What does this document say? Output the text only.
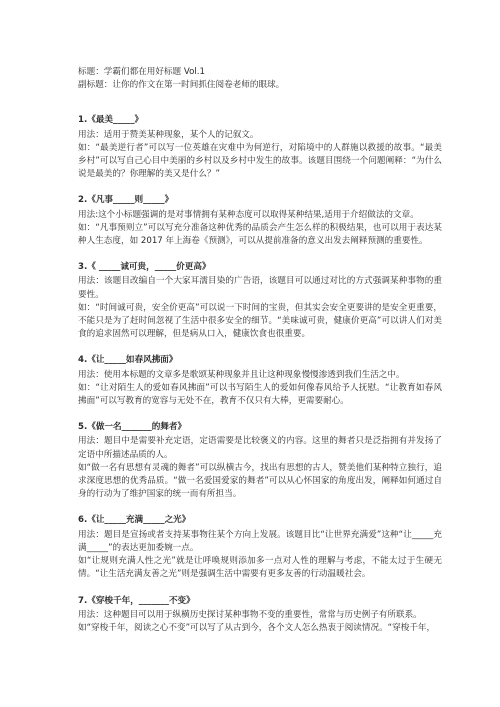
标题：学霸们都在用好标题 Vol.1

副标题：让你的作文在第一时间抓住阅卷老师的眼球。

1.《最美_____》

用法：适用于赞美某种现象，某个人的记叙文。

如：“最美逆行者”可以写一位英雄在灾难中为何逆行，对陷境中的人群施以救援的故事。“最美乡村”可以写自己心目中美丽的乡村以及乡村中发生的故事。该题目围绕一个问题阐释：“为什么说是最美的？你理解的美又是什么？”

2.《凡事_____则_____》

用法:这个小标题强调的是对事情拥有某种态度可以取得某种结果,适用于介绍做法的文章。

如：“凡事预则立”可以写充分准备这种优秀的品质会产生怎么样的积极结果，也可以用于表达某种人生态度，如 2017 年上海卷《预测》，可以从提前准备的意义出发去阐释预测的重要性。

3.《 _____诚可贵，_____价更高》

用法：该题目改编自一个大家耳濡目染的广告语，该题目可以通过对比的方式强调某种事物的重要性。

如：“时间诚可贵，安全价更高”可以说一下时间的宝贵，但其实会安全更要讲的是安全更重要，不能只是为了赶时间忽视了生活中很多安全的细节。“美味诚可贵，健康价更高”可以讲人们对美食的追求固然可以理解，但是病从口入，健康饮食也很重要。

4.《让_____如春风拂面》

用法：使用本标题的文章多是歌颂某种现象并且让这种现象慢慢渗透到我们生活之中。

如：“让对陌生人的爱如春风拂面”可以书写陌生人的爱如何像春风给予人抚慰。“让教育如春风拂面”可以写教育的宽容与无处不在，教育不仅只有大棒，更需要耐心。

5.《做一名_______的舞者》

用法：题目中是需要补充定语，定语需要是比较褒义的内容。这里的舞者只是泛指拥有并发扬了定语中所描述品质的人。

如“做一名有思想有灵魂的舞者”可以纵横古今，找出有思想的古人，赞美他们某种特立独行，追求深度思想的优秀品质。“做一名爱国爱家的舞者”可以从心怀国家的角度出发，阐释如何通过自身的行动为了维护国家的统一而有所担当。

6.《让_____充满_____之光》

用法：题目是宣扬或者支持某事物往某个方向上发展。该题目比“让世界充满爱”这种“让_____充满_____”的表达更加委婉一点。

如“让规则充满人性之光”就是让呼唤规则添加多一点对人性的理解与考虑，不能太过于生硬无情。“让生活充满友善之光”则是强调生活中需要有更多友善的行动温暖社会。

7.《穿梭千年，_______不变》

用法：这种题目可以用于纵横历史探讨某种事物不变的重要性，常常与历史例子有所联系。

如“穿梭千年，阅读之心不变”可以写了从古到今，各个文人怎么热衷于阅读情况。“穿梭千年，
